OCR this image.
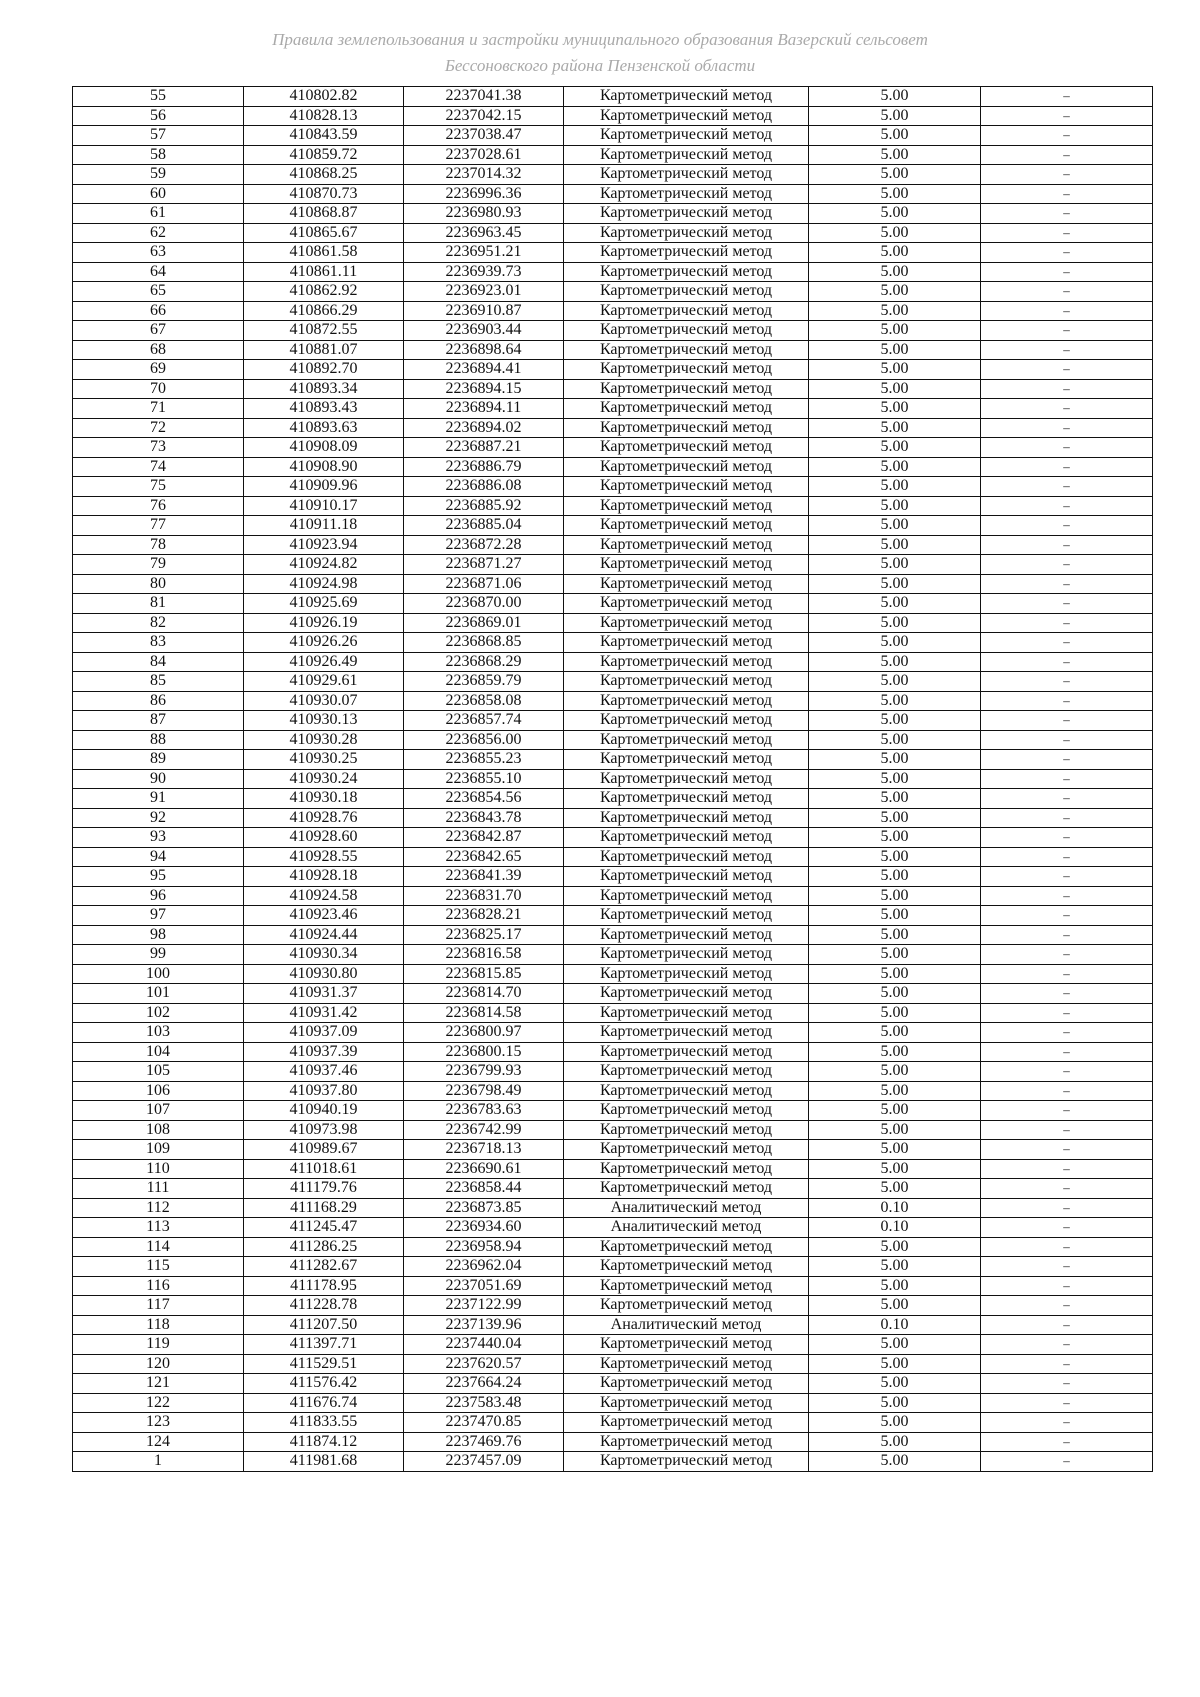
Правила землепользования и застройки муниципального образования Вазерский сельсовет
Бессоновского района Пензенской области
55	410802.82	2237041.38	Картометрический метод	5.00	–
56	410828.13	2237042.15	Картометрический метод	5.00	–
57	410843.59	2237038.47	Картометрический метод	5.00	–
58	410859.72	2237028.61	Картометрический метод	5.00	–
59	410868.25	2237014.32	Картометрический метод	5.00	–
60	410870.73	2236996.36	Картометрический метод	5.00	–
61	410868.87	2236980.93	Картометрический метод	5.00	–
62	410865.67	2236963.45	Картометрический метод	5.00	–
63	410861.58	2236951.21	Картометрический метод	5.00	–
64	410861.11	2236939.73	Картометрический метод	5.00	–
65	410862.92	2236923.01	Картометрический метод	5.00	–
66	410866.29	2236910.87	Картометрический метод	5.00	–
67	410872.55	2236903.44	Картометрический метод	5.00	–
68	410881.07	2236898.64	Картометрический метод	5.00	–
69	410892.70	2236894.41	Картометрический метод	5.00	–
70	410893.34	2236894.15	Картометрический метод	5.00	–
71	410893.43	2236894.11	Картометрический метод	5.00	–
72	410893.63	2236894.02	Картометрический метод	5.00	–
73	410908.09	2236887.21	Картометрический метод	5.00	–
74	410908.90	2236886.79	Картометрический метод	5.00	–
75	410909.96	2236886.08	Картометрический метод	5.00	–
76	410910.17	2236885.92	Картометрический метод	5.00	–
77	410911.18	2236885.04	Картометрический метод	5.00	–
78	410923.94	2236872.28	Картометрический метод	5.00	–
79	410924.82	2236871.27	Картометрический метод	5.00	–
80	410924.98	2236871.06	Картометрический метод	5.00	–
81	410925.69	2236870.00	Картометрический метод	5.00	–
82	410926.19	2236869.01	Картометрический метод	5.00	–
83	410926.26	2236868.85	Картометрический метод	5.00	–
84	410926.49	2236868.29	Картометрический метод	5.00	–
85	410929.61	2236859.79	Картометрический метод	5.00	–
86	410930.07	2236858.08	Картометрический метод	5.00	–
87	410930.13	2236857.74	Картометрический метод	5.00	–
88	410930.28	2236856.00	Картометрический метод	5.00	–
89	410930.25	2236855.23	Картометрический метод	5.00	–
90	410930.24	2236855.10	Картометрический метод	5.00	–
91	410930.18	2236854.56	Картометрический метод	5.00	–
92	410928.76	2236843.78	Картометрический метод	5.00	–
93	410928.60	2236842.87	Картометрический метод	5.00	–
94	410928.55	2236842.65	Картометрический метод	5.00	–
95	410928.18	2236841.39	Картометрический метод	5.00	–
96	410924.58	2236831.70	Картометрический метод	5.00	–
97	410923.46	2236828.21	Картометрический метод	5.00	–
98	410924.44	2236825.17	Картометрический метод	5.00	–
99	410930.34	2236816.58	Картометрический метод	5.00	–
100	410930.80	2236815.85	Картометрический метод	5.00	–
101	410931.37	2236814.70	Картометрический метод	5.00	–
102	410931.42	2236814.58	Картометрический метод	5.00	–
103	410937.09	2236800.97	Картометрический метод	5.00	–
104	410937.39	2236800.15	Картометрический метод	5.00	–
105	410937.46	2236799.93	Картометрический метод	5.00	–
106	410937.80	2236798.49	Картометрический метод	5.00	–
107	410940.19	2236783.63	Картометрический метод	5.00	–
108	410973.98	2236742.99	Картометрический метод	5.00	–
109	410989.67	2236718.13	Картометрический метод	5.00	–
110	411018.61	2236690.61	Картометрический метод	5.00	–
111	411179.76	2236858.44	Картометрический метод	5.00	–
112	411168.29	2236873.85	Аналитический метод	0.10	–
113	411245.47	2236934.60	Аналитический метод	0.10	–
114	411286.25	2236958.94	Картометрический метод	5.00	–
115	411282.67	2236962.04	Картометрический метод	5.00	–
116	411178.95	2237051.69	Картометрический метод	5.00	–
117	411228.78	2237122.99	Картометрический метод	5.00	–
118	411207.50	2237139.96	Аналитический метод	0.10	–
119	411397.71	2237440.04	Картометрический метод	5.00	–
120	411529.51	2237620.57	Картометрический метод	5.00	–
121	411576.42	2237664.24	Картометрический метод	5.00	–
122	411676.74	2237583.48	Картометрический метод	5.00	–
123	411833.55	2237470.85	Картометрический метод	5.00	–
124	411874.12	2237469.76	Картометрический метод	5.00	–
1	411981.68	2237457.09	Картометрический метод	5.00	–
